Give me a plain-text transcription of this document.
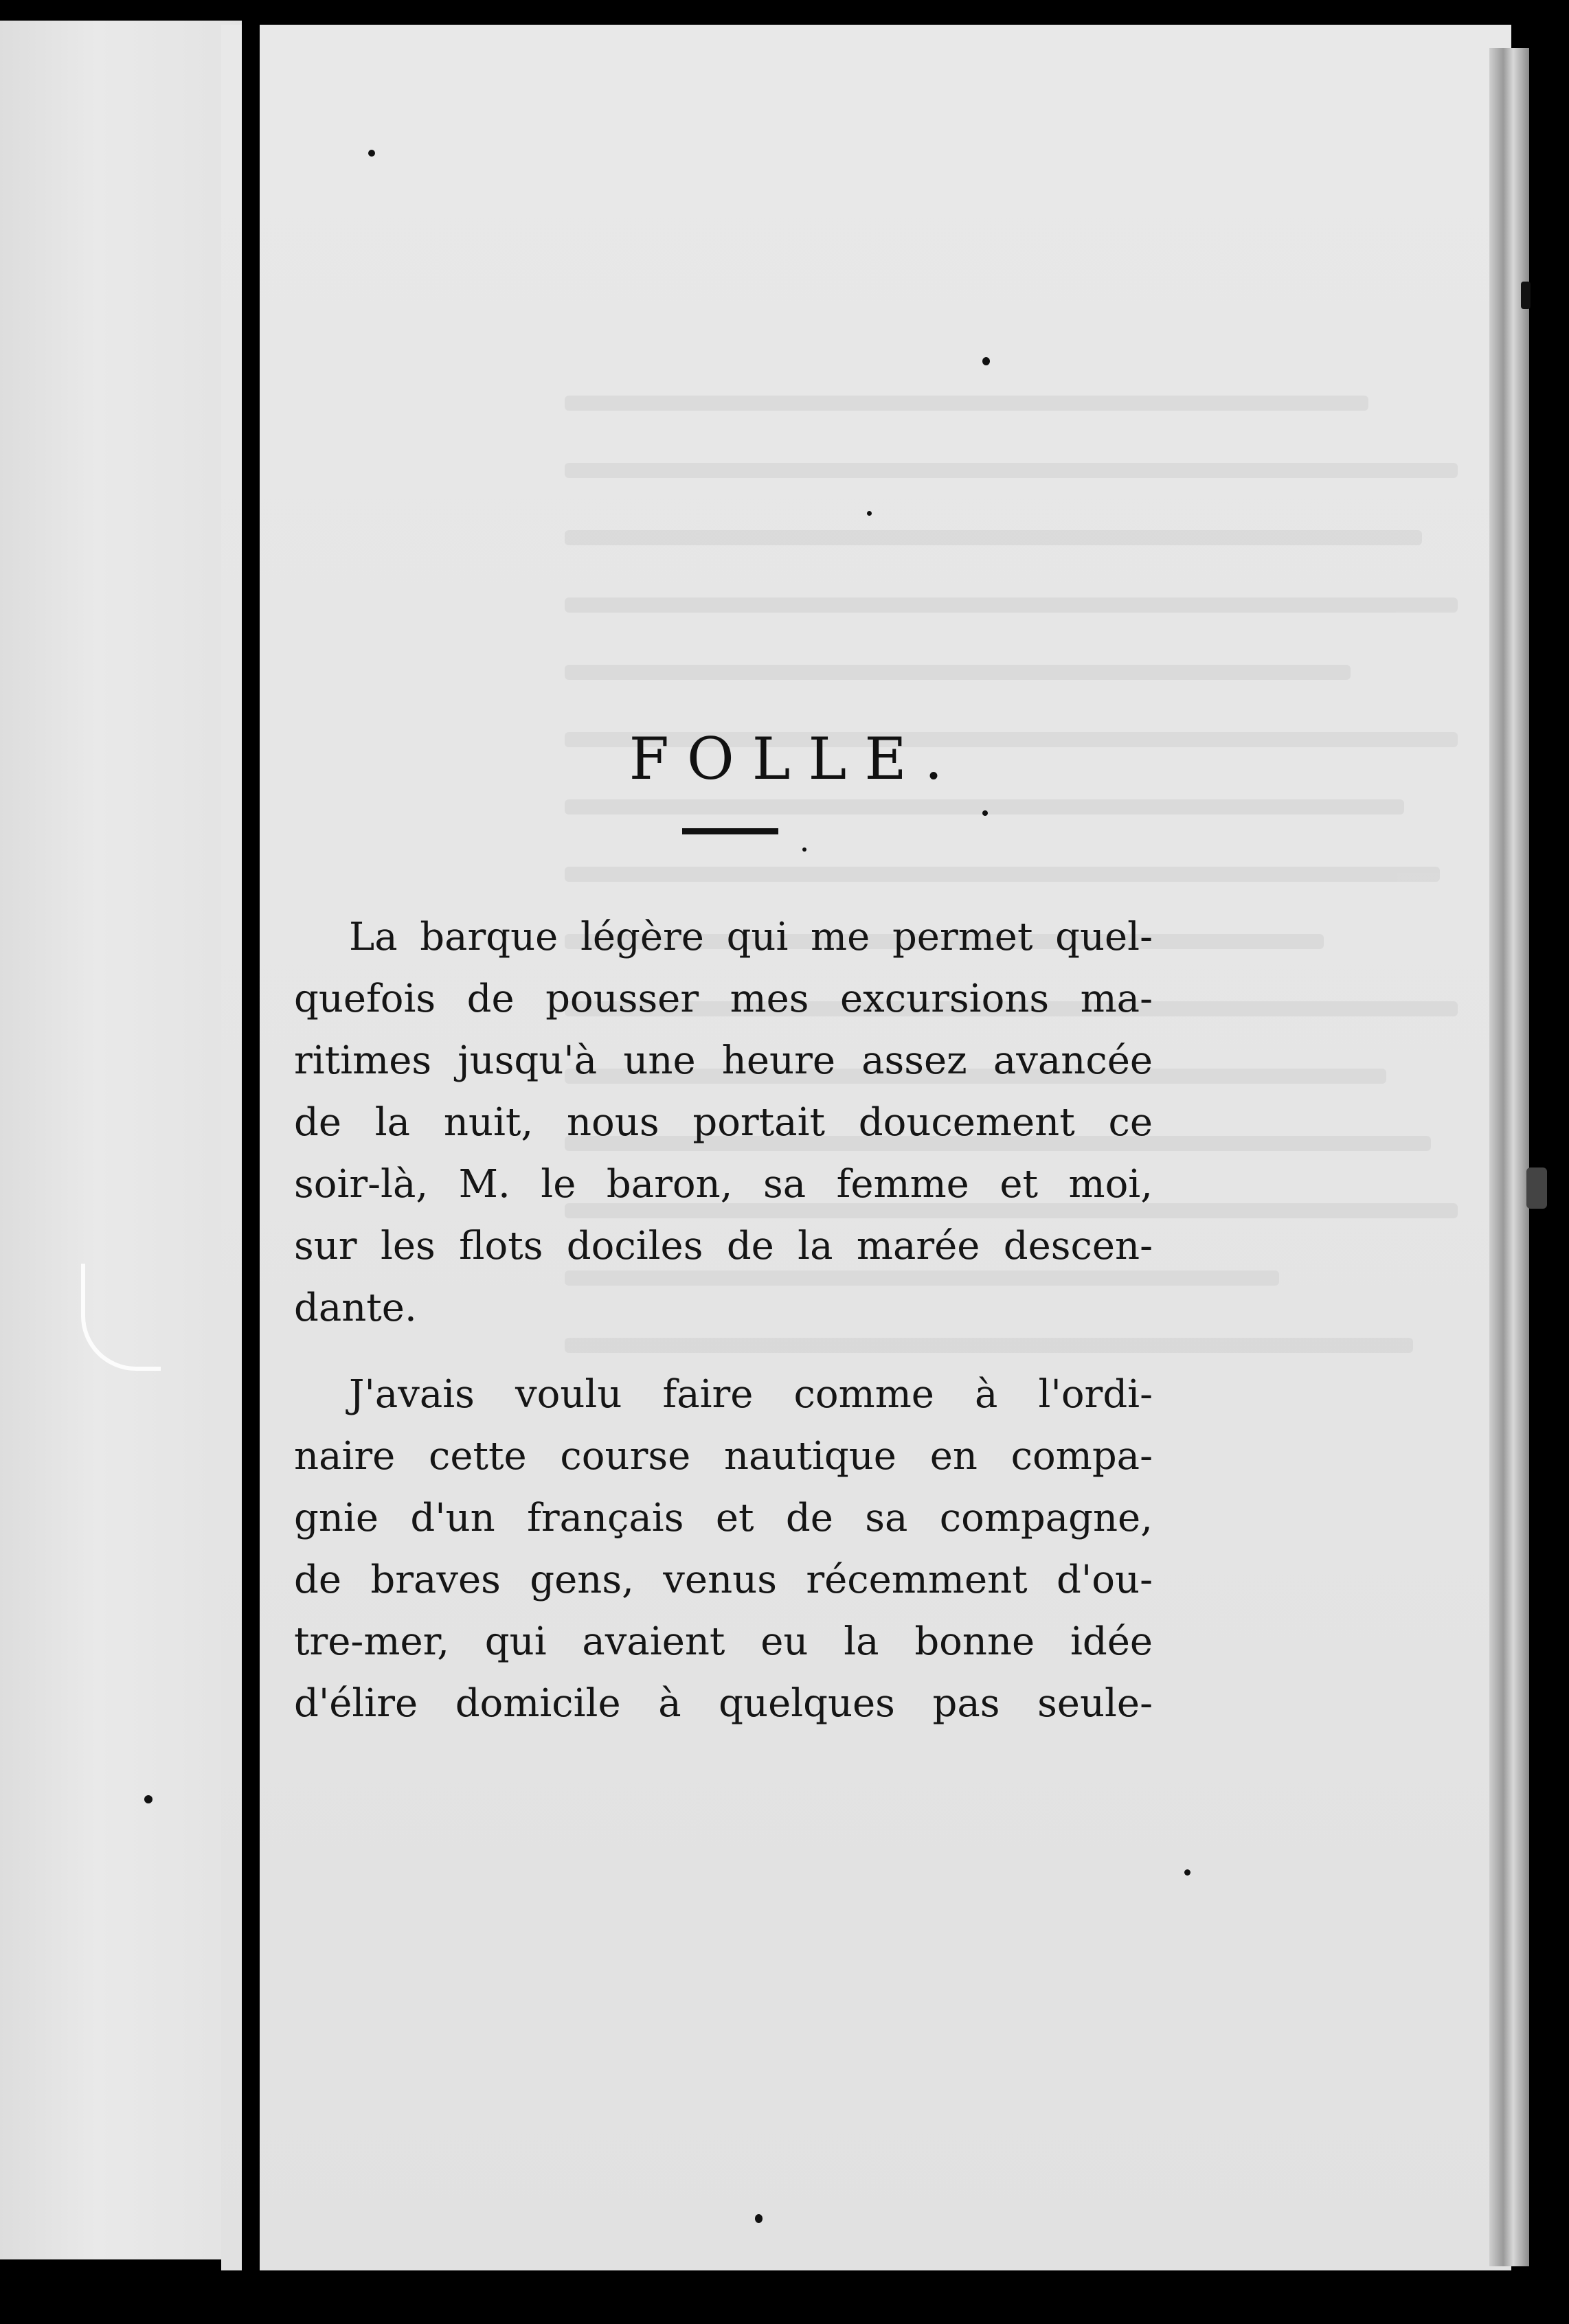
FOLLE.
La barque légère qui me permet quel-
quefois de pousser mes excursions ma-
ritimes jusqu'à une heure assez avancée
de la nuit, nous portait doucement ce
soir-là, M. le baron, sa femme et moi,
sur les flots dociles de la marée descen-
dante.
J'avais voulu faire comme à l'ordi-
naire cette course nautique en compa-
gnie d'un français et de sa compagne,
de braves gens, venus récemment d'ou-
tre-mer, qui avaient eu la bonne idée
d'élire domicile à quelques pas seule-
